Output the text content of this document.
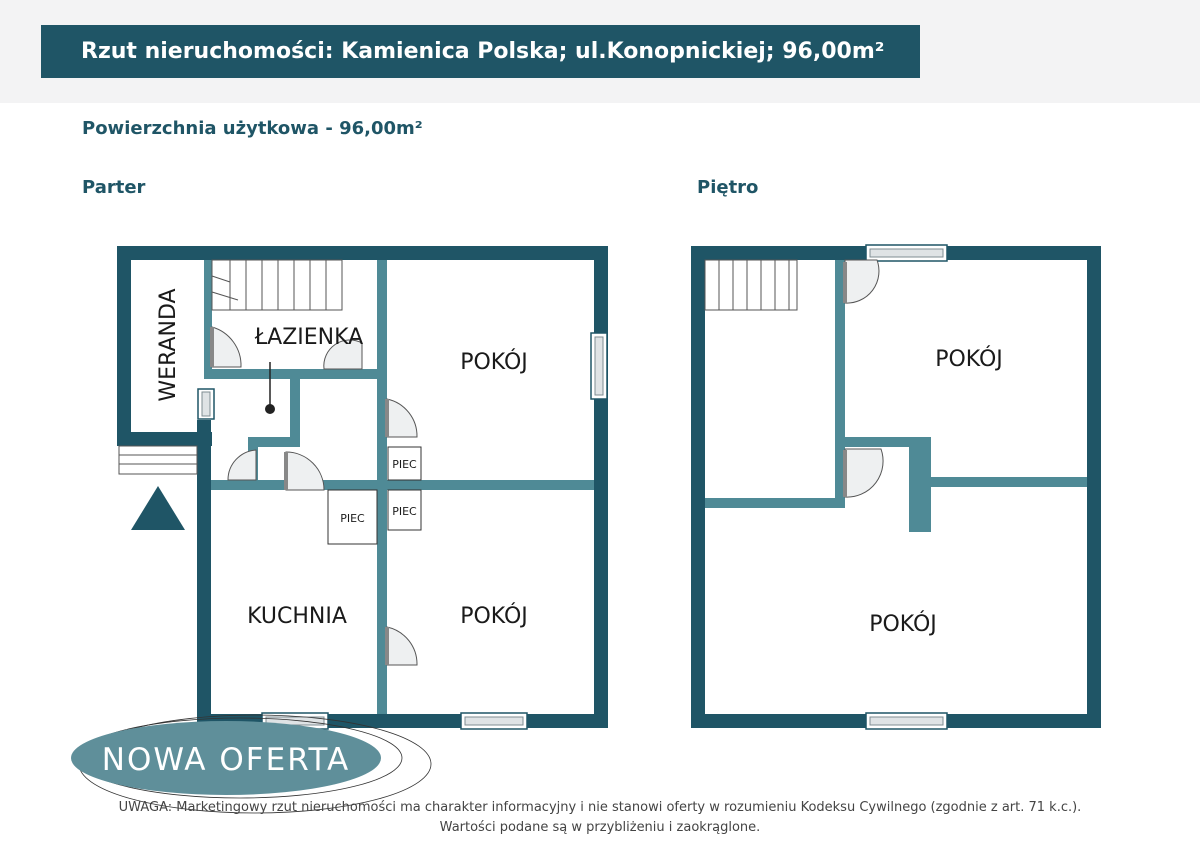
Rzut nieruchomości: Kamienica Polska; ul.Konopnickiej; 96,00m²
Powierzchnia użytkowa - 96,00m²
Parter	Piętro
PIEC
PIEC
PIEC
WERANDA	ŁAZIENKA
POKÓJ
KUCHNIA	POKÓJ
POKÓJ
POKÓJ
NOWA OFERTA
UWAGA: Marketingowy rzut nieruchomości ma charakter informacyjny i nie stanowi oferty w rozumieniu Kodeksu Cywilnego (zgodnie z art. 71 k.c.).
Wartości podane są w przybliżeniu i zaokrąglone.
